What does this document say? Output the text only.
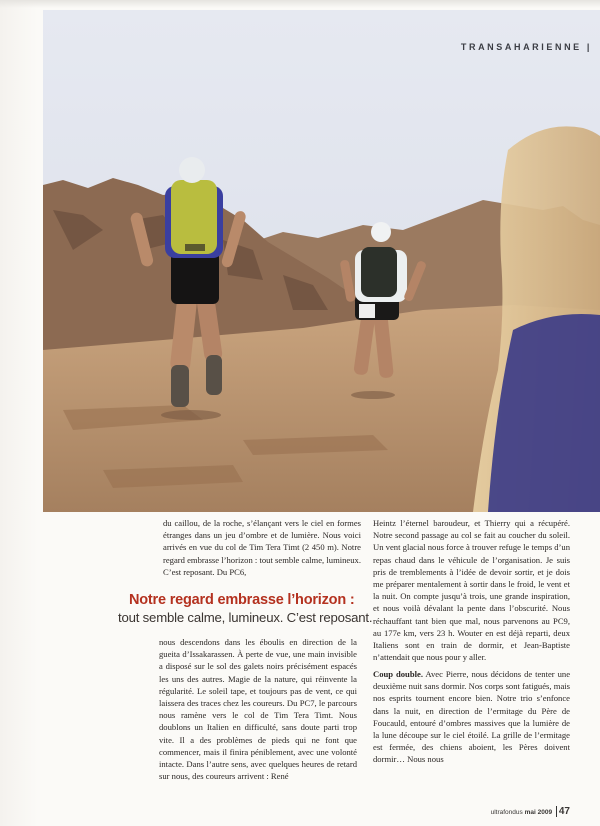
TRANSAHARIENNE |

du caillou, de la roche, s’élançant vers le ciel en formes étranges dans un jeu d’ombre et de lumière. Nous voici arrivés en vue du col de Tim Tera Timt (2 450 m). Notre regard embrasse l’horizon : tout semble calme, lumineux. C’est reposant. Du PC6,

Notre regard embrasse l’horizon :
tout semble calme, lumineux. C’est reposant.

nous descendons dans les éboulis en direction de la gueita d’Issakarassen. À perte de vue, une main invisible a disposé sur le sol des galets noirs précisément espacés les uns des autres. Magie de la nature, qui réinvente la régularité. Le soleil tape, et toujours pas de vent, ce qui laissera des traces chez les coureurs. Du PC7, le parcours nous ramène vers le col de Tim Tera Timt. Nous doublons un Italien en difficulté, sans doute parti trop vite. Il a des problèmes de pieds qui ne font que commencer, mais il finira péniblement, avec une volonté intacte. Dans l’autre sens, avec quelques heures de retard sur nous, des coureurs arrivent : René

Heintz l’éternel baroudeur, et Thierry qui a récupéré. Notre second passage au col se fait au coucher du soleil. Un vent glacial nous force à trouver refuge le temps d’un repas chaud dans le véhicule de l’organisation. Je suis pris de tremblements à l’idée de devoir sortir, et je dois me préparer mentalement à sortir dans le froid, le vent et la nuit. On compte jusqu’à trois, une grande inspiration, et nous voilà dévalant la pente dans l’obscurité. Nous réchauffant tant bien que mal, nous parvenons au PC9, au 177e km, vers 23 h. Wouter en est déjà reparti, deux Italiens sont en train de dormir, et Jean-Baptiste n’attendait que nous pour y aller.

Coup double. Avec Pierre, nous décidons de tenter une deuxième nuit sans dormir. Nos corps sont fatigués, mais nos esprits tournent encore bien. Notre trio s’enfonce dans la nuit, en direction de l’ermitage du Père de Foucauld, entouré d’ombres massives que la lumière de la lune découpe sur le ciel étoilé. La grille de l’ermitage est fermée, des chiens aboient, les Pères doivent dormir… Nous nous

ultrafondus mai 2009 47
